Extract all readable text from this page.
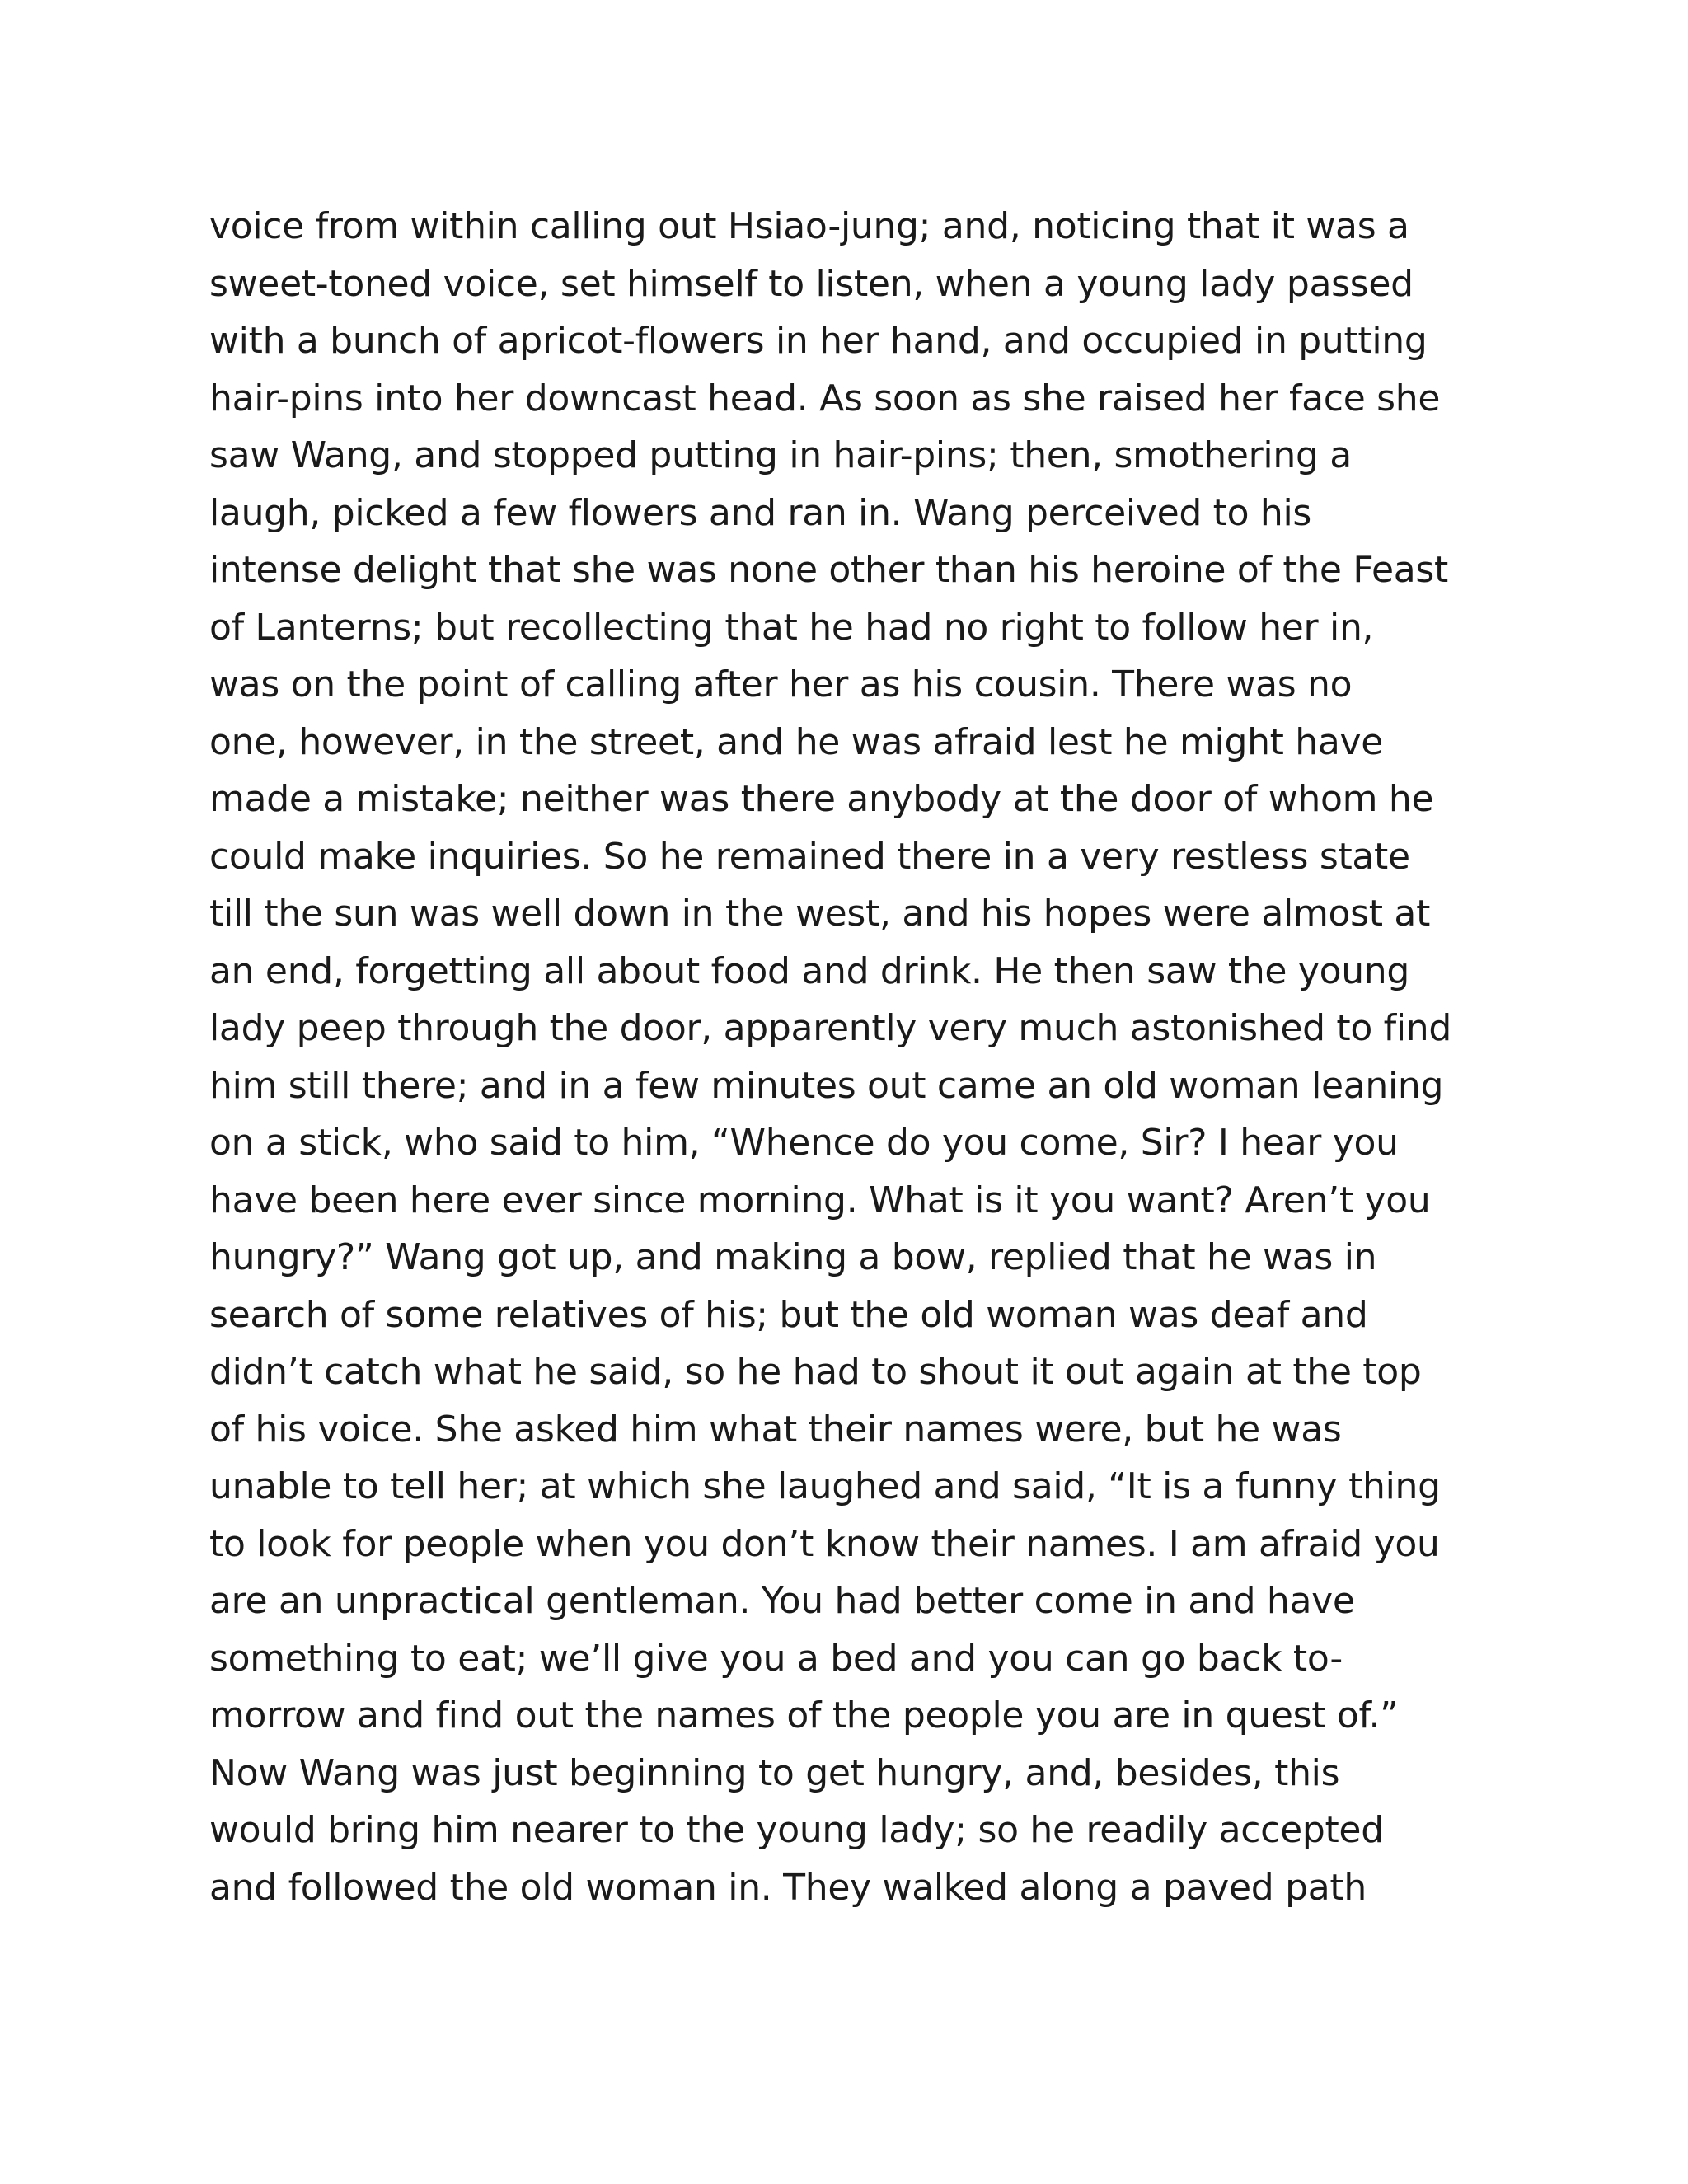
voice from within calling out Hsiao-jung; and, noticing that it was a
sweet-toned voice, set himself to listen, when a young lady passed
with a bunch of apricot-flowers in her hand, and occupied in putting
hair-pins into her downcast head. As soon as she raised her face she
saw Wang, and stopped putting in hair-pins; then, smothering a
laugh, picked a few flowers and ran in. Wang perceived to his
intense delight that she was none other than his heroine of the Feast
of Lanterns; but recollecting that he had no right to follow her in,
was on the point of calling after her as his cousin. There was no
one, however, in the street, and he was afraid lest he might have
made a mistake; neither was there anybody at the door of whom he
could make inquiries. So he remained there in a very restless state
till the sun was well down in the west, and his hopes were almost at
an end, forgetting all about food and drink. He then saw the young
lady peep through the door, apparently very much astonished to find
him still there; and in a few minutes out came an old woman leaning
on a stick, who said to him, “Whence do you come, Sir? I hear you
have been here ever since morning. What is it you want? Aren’t you
hungry?” Wang got up, and making a bow, replied that he was in
search of some relatives of his; but the old woman was deaf and
didn’t catch what he said, so he had to shout it out again at the top
of his voice. She asked him what their names were, but he was
unable to tell her; at which she laughed and said, “It is a funny thing
to look for people when you don’t know their names. I am afraid you
are an unpractical gentleman. You had better come in and have
something to eat; we’ll give you a bed and you can go back to-
morrow and find out the names of the people you are in quest of.”
Now Wang was just beginning to get hungry, and, besides, this
would bring him nearer to the young lady; so he readily accepted
and followed the old woman in. They walked along a paved path
